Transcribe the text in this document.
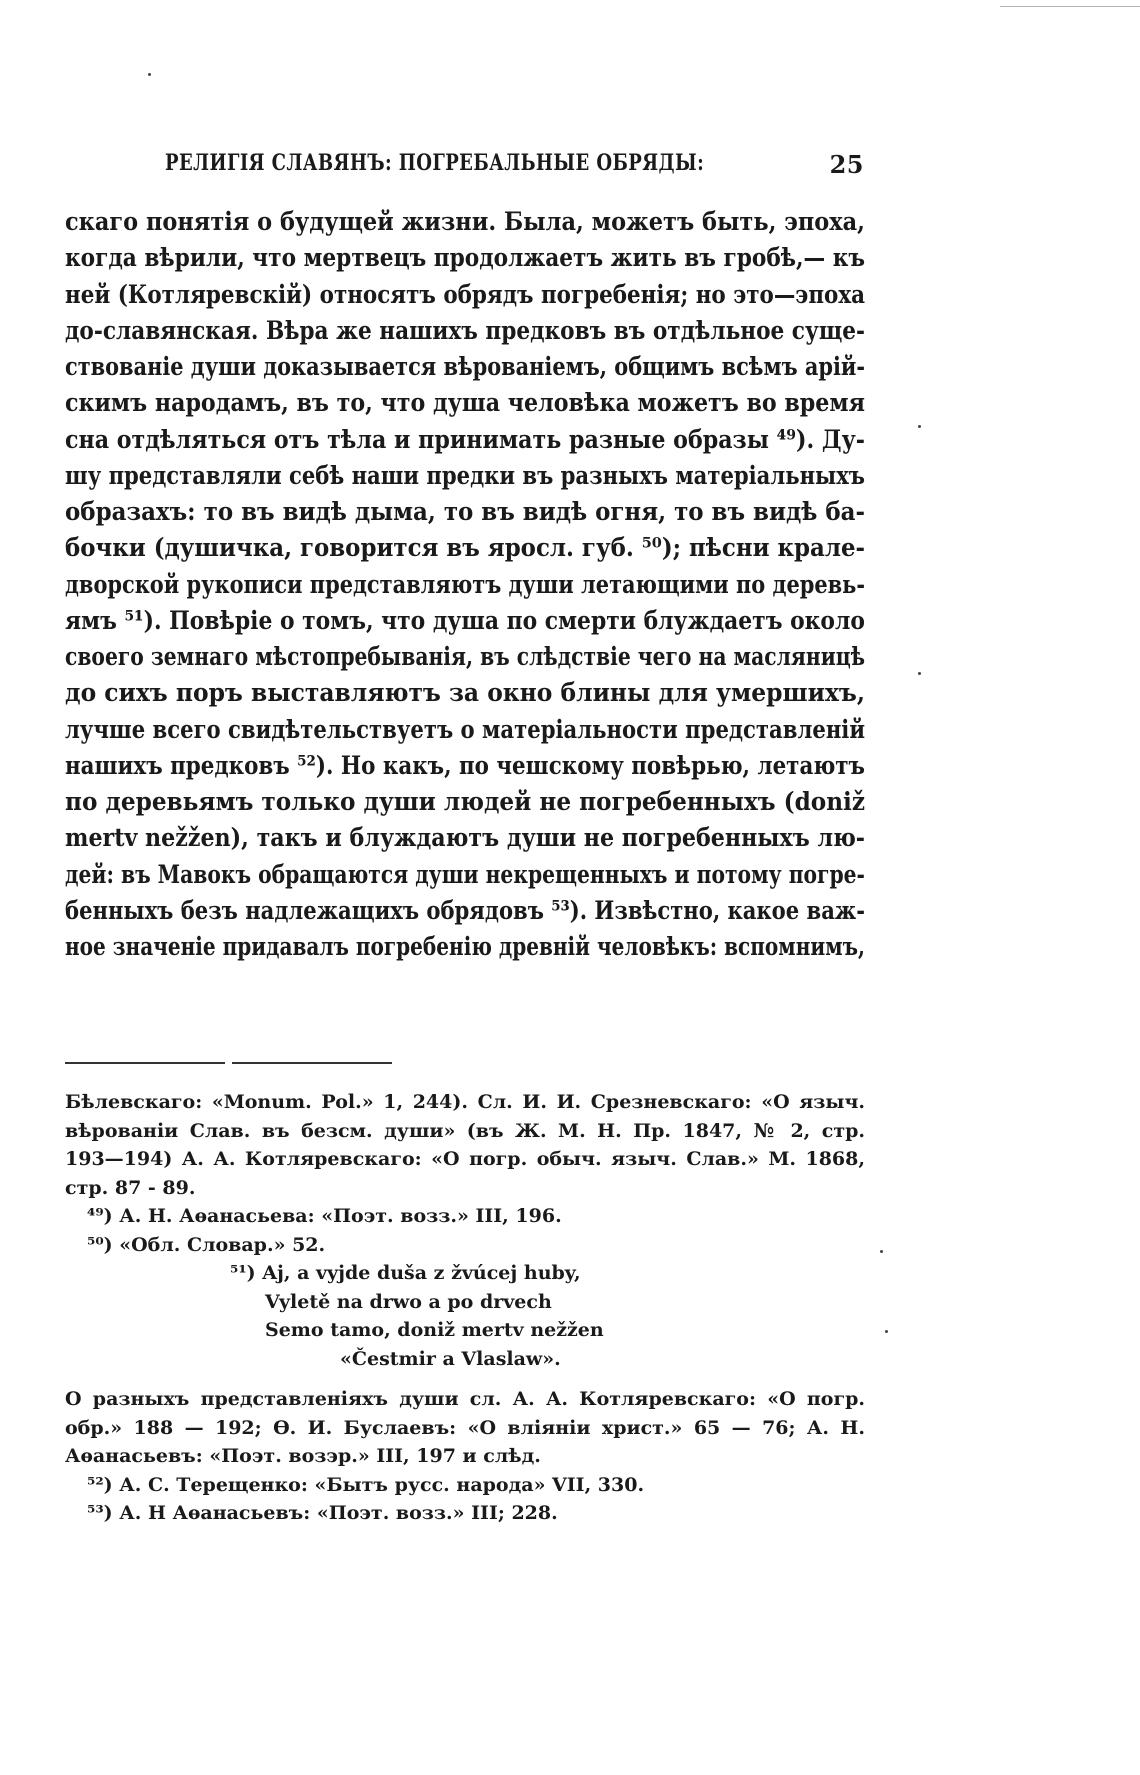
РЕЛИГІЯ СЛАВЯНЪ: ПОГРЕБАЛЬНЫЕ ОБРЯДЫ:	25
скаго понятія о будущей жизни. Была, можетъ быть, эпоха,
когда вѣрили, что мертвецъ продолжаетъ жить въ гробѣ,— къ
ней (Котляревскій) относятъ обрядъ погребенія; но это—эпоха
до-славянская. Вѣра же нашихъ предковъ въ отдѣльное суще-
ствованіе души доказывается вѣрованіемъ, общимъ всѣмъ арій-
скимъ народамъ, въ то, что душа человѣка можетъ во время
сна отдѣляться отъ тѣла и принимать разные образы ⁴⁹). Ду-
шу представляли себѣ наши предки въ разныхъ матеріальныхъ
образахъ: то въ видѣ дыма, то въ видѣ огня, то въ видѣ ба-
бочки (душичка, говорится въ яросл. губ. ⁵⁰); пѣсни крале-
дворской рукописи представляютъ души летающими по деревь-
ямъ ⁵¹). Повѣріе о томъ, что душа по смерти блуждаетъ около
своего земнаго мѣстопребыванія, въ слѣдствіе чего на масляницѣ
до сихъ поръ выставляютъ за окно блины для умершихъ,
лучше всего свидѣтельствуетъ о матеріальности представленій
нашихъ предковъ ⁵²). Но какъ, по чешскому повѣрью, летаютъ
по деревьямъ только души людей не погребенныхъ (doniž
mertv nežžen), такъ и блуждаютъ души не погребенныхъ лю-
дей: въ Мавокъ обращаются души некрещенныхъ и потому погре-
бенныхъ безъ надлежащихъ обрядовъ ⁵³). Извѣстно, какое важ-
ное значеніе придавалъ погребенію древній человѣкъ: вспомнимъ,
Бѣлевскаго: «Monum. Pol.» 1, 244). Сл. И. И. Срезневскаго: «О языч.
вѣрованіи Слав. въ безсм. души» (въ Ж. М. Н. Пр. 1847, № 2, стр.
193—194) А. А. Котляревскаго: «О погр. обыч. языч. Слав.» М. 1868,
стр. 87 - 89.
⁴⁹) А. Н. Аѳанасьева: «Поэт. возз.» III, 196.
⁵⁰) «Обл. Словар.» 52.
⁵¹) Aj, a vyjde duša z žvúcej huby,
Vyletě na drwo a po drvech
Semo tamo, doniž mertv nežžen
«Čestmir a Vlaslaw».
О разныхъ представленіяхъ души сл. А. А. Котляревскаго: «О погр.
обр.» 188 — 192; Ѳ. И. Буслаевъ: «О вліяніи христ.» 65 — 76; А. Н.
Аѳанасьевъ: «Поэт. возэр.» III, 197 и слѣд.
⁵²) А. С. Терещенко: «Бытъ русс. народа» VII, 330.
⁵³) А. Н Аѳанасьевъ: «Поэт. возз.» III; 228.
